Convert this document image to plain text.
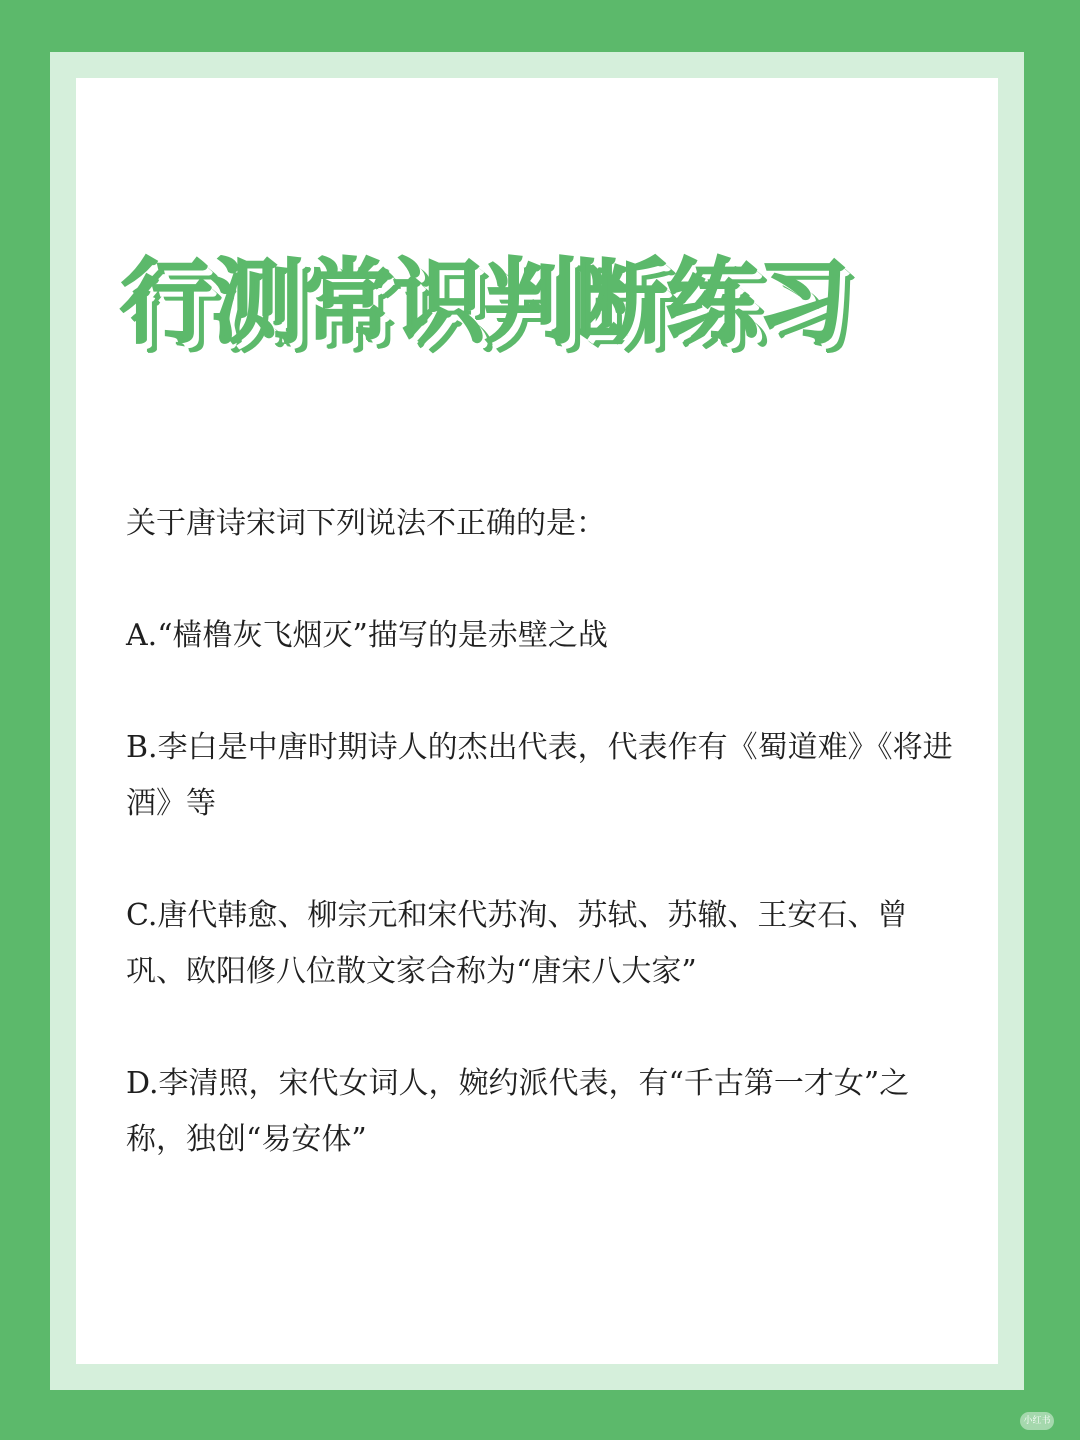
行测常识判断练习

关于唐诗宋词下列说法不正确的是：

A.“樯橹灰飞烟灭”描写的是赤壁之战

B.李白是中唐时期诗人的杰出代表，代表作有《蜀道难》《将进酒》等

C.唐代韩愈、柳宗元和宋代苏洵、苏轼、苏辙、王安石、曾巩、欧阳修八位散文家合称为“唐宋八大家”

D.李清照，宋代女词人，婉约派代表，有“千古第一才女”之称，独创“易安体”

小红书
